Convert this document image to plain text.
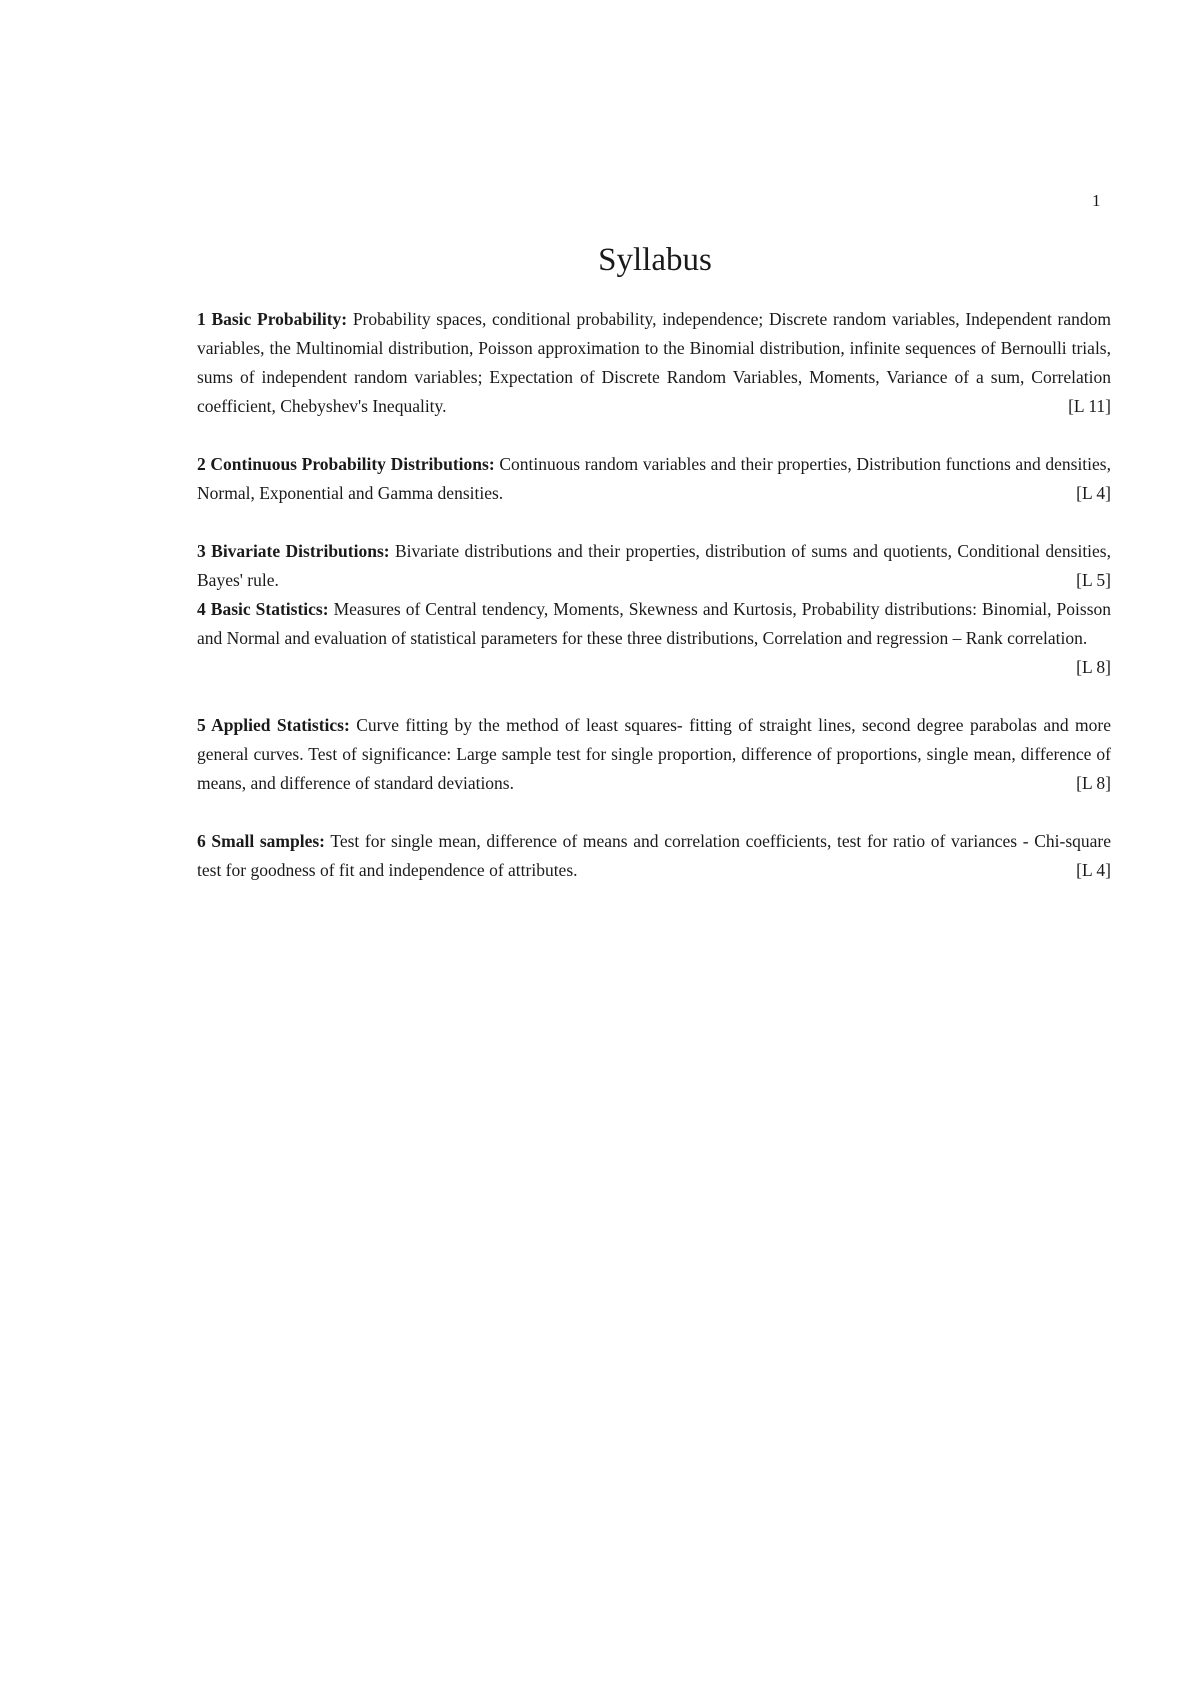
1
Syllabus

1 Basic Probability: Probability spaces, conditional probability, independence; Discrete random variables, Independent random variables, the Multinomial distribution, Poisson approximation to the Binomial distribution, infinite sequences of Bernoulli trials, sums of independent random variables; Expectation of Discrete Random Variables, Moments, Variance of a sum, Correlation coefficient, Chebyshev's Inequality.	[L 11]

2 Continuous Probability Distributions: Continuous random variables and their properties, Distribution functions and densities, Normal, Exponential and Gamma densities.	[L 4]

3 Bivariate Distributions: Bivariate distributions and their properties, distribution of sums and quotients, Conditional densities, Bayes' rule.	[L 5]

4 Basic Statistics: Measures of Central tendency, Moments, Skewness and Kurtosis, Probability distributions: Binomial, Poisson and Normal and evaluation of statistical parameters for these three distributions, Correlation and regression – Rank correlation.
[L 8]

5 Applied Statistics: Curve fitting by the method of least squares- fitting of straight lines, second degree parabolas and more general curves. Test of significance: Large sample test for single proportion, difference of proportions, single mean, difference of means, and difference of standard deviations.	[L 8]

6 Small samples: Test for single mean, difference of means and correlation coefficients, test for ratio of variances - Chi-square test for goodness of fit and independence of attributes.	[L 4]
